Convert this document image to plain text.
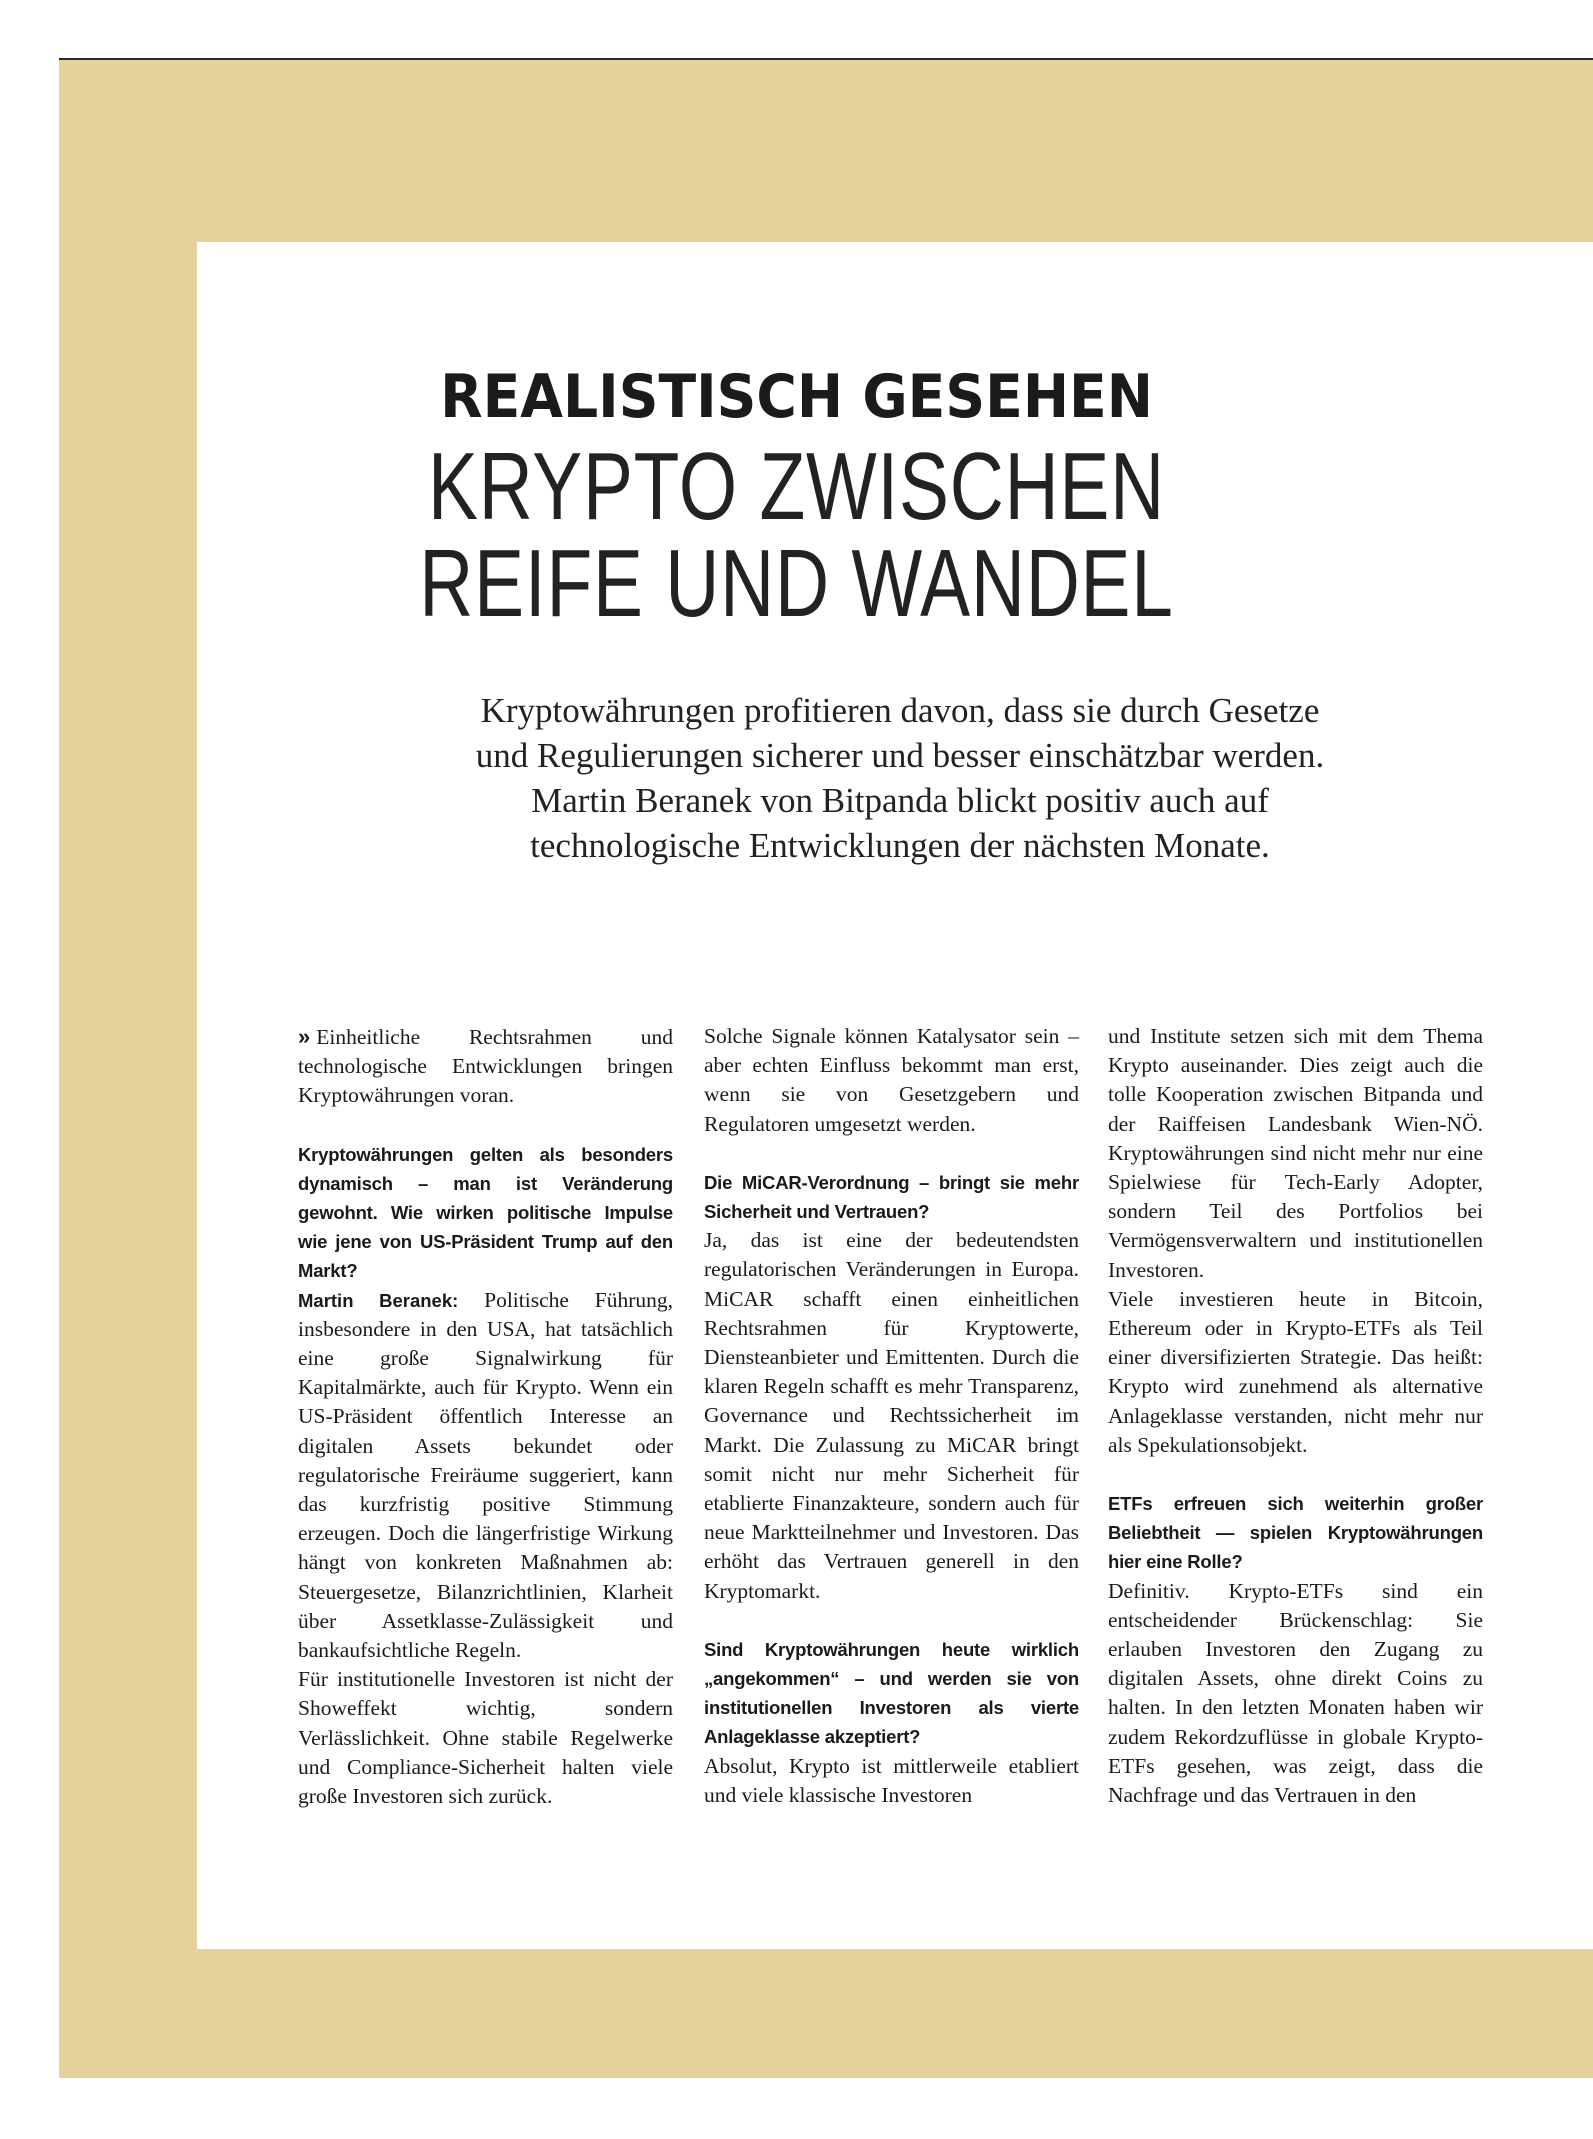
REALISTISCH GESEHEN
KRYPTO ZWISCHEN
REIFE UND WANDEL
Kryptowährungen profitieren davon, dass sie durch Gesetze
und Regulierungen sicherer und besser einschätzbar werden.
Martin Beranek von Bitpanda blickt positiv auch auf
technologische Entwicklungen der nächsten Monate.

» Einheitliche Rechtsrahmen und technologische Entwicklungen bringen Kryptowährungen voran.

Kryptowährungen gelten als besonders dynamisch – man ist Veränderung gewohnt. Wie wirken politische Impulse wie jene von US-Präsident Trump auf den Markt?

Martin Beranek: Politische Führung, insbesondere in den USA, hat tatsächlich eine große Signalwirkung für Kapitalmärkte, auch für Krypto. Wenn ein US-Präsident öffentlich Interesse an digitalen Assets bekundet oder regulatorische Freiräume suggeriert, kann das kurzfristig positive Stimmung erzeugen. Doch die längerfristige Wirkung hängt von konkreten Maßnahmen ab: Steuergesetze, Bilanzrichtlinien, Klarheit über Assetklasse-Zulässigkeit und bankaufsichtliche Regeln.

Für institutionelle Investoren ist nicht der Showeffekt wichtig, sondern Verlässlichkeit. Ohne stabile Regelwerke und Compliance-Sicherheit halten viele große Investoren sich zurück.

Solche Signale können Katalysator sein – aber echten Einfluss bekommt man erst, wenn sie von Gesetzgebern und Regulatoren umgesetzt werden.

Die MiCAR-Verordnung – bringt sie mehr Sicherheit und Vertrauen?

Ja, das ist eine der bedeutendsten regulatorischen Veränderungen in Europa. MiCAR schafft einen einheitlichen Rechtsrahmen für Kryptowerte, Diensteanbieter und Emittenten. Durch die klaren Regeln schafft es mehr Transparenz, Governance und Rechtssicherheit im Markt. Die Zulassung zu MiCAR bringt somit nicht nur mehr Sicherheit für etablierte Finanzakteure, sondern auch für neue Marktteilnehmer und Investoren. Das erhöht das Vertrauen generell in den Kryptomarkt.

Sind Kryptowährungen heute wirklich „angekommen“ – und werden sie von institutionellen Investoren als vierte Anlageklasse akzeptiert?

Absolut, Krypto ist mittlerweile etabliert und viele klassische Investoren

und Institute setzen sich mit dem Thema Krypto auseinander. Dies zeigt auch die tolle Kooperation zwischen Bitpanda und der Raiffeisen Landesbank Wien-NÖ. Kryptowährungen sind nicht mehr nur eine Spielwiese für Tech-Early Adopter, sondern Teil des Portfolios bei Vermögensverwaltern und institutionellen Investoren.

Viele investieren heute in Bitcoin, Ethereum oder in Krypto-ETFs als Teil einer diversifizierten Strategie. Das heißt: Krypto wird zunehmend als alternative Anlageklasse verstanden, nicht mehr nur als Spekulationsobjekt.

ETFs erfreuen sich weiterhin großer Beliebtheit — spielen Kryptowährungen hier eine Rolle?

Definitiv. Krypto-ETFs sind ein entscheidender Brückenschlag: Sie erlauben Investoren den Zugang zu digitalen Assets, ohne direkt Coins zu halten. In den letzten Monaten haben wir zudem Rekordzuflüsse in globale Krypto-ETFs gesehen, was zeigt, dass die Nachfrage und das Vertrauen in den
